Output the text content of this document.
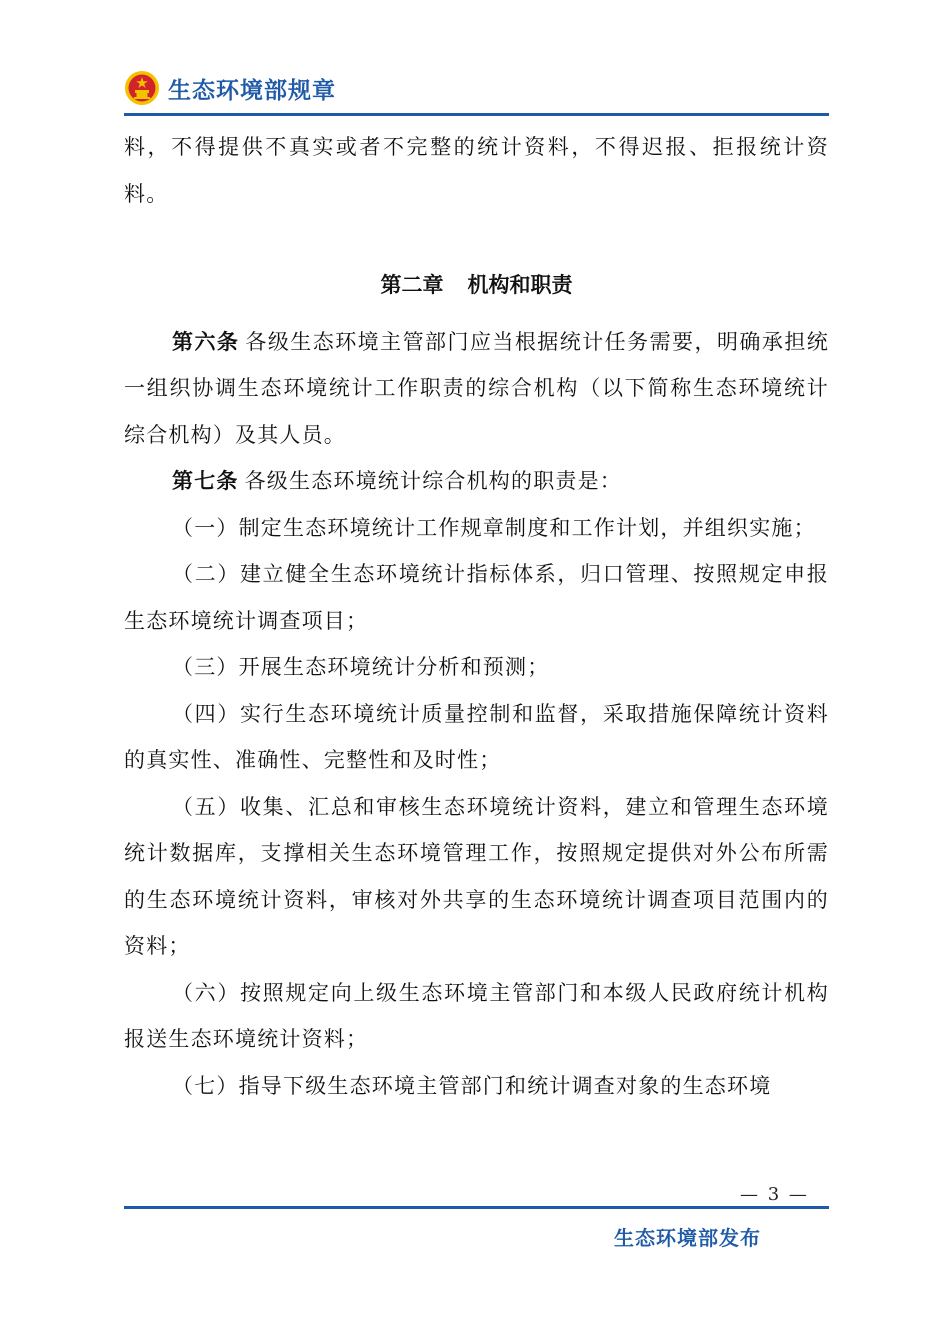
生态环境部规章

料，不得提供不真实或者不完整的统计资料，不得迟报、拒报统计资料。

第二章 机构和职责

第六条 各级生态环境主管部门应当根据统计任务需要，明确承担统一组织协调生态环境统计工作职责的综合机构（以下简称生态环境统计综合机构）及其人员。

第七条 各级生态环境统计综合机构的职责是：

（一）制定生态环境统计工作规章制度和工作计划，并组织实施；

（二）建立健全生态环境统计指标体系，归口管理、按照规定申报生态环境统计调查项目；

（三）开展生态环境统计分析和预测；

（四）实行生态环境统计质量控制和监督，采取措施保障统计资料的真实性、准确性、完整性和及时性；

（五）收集、汇总和审核生态环境统计资料，建立和管理生态环境统计数据库，支撑相关生态环境管理工作，按照规定提供对外公布所需的生态环境统计资料，审核对外共享的生态环境统计调查项目范围内的资料；

（六）按照规定向上级生态环境主管部门和本级人民政府统计机构报送生态环境统计资料；

（七）指导下级生态环境主管部门和统计调查对象的生态环境

— 3 —
生态环境部发布
